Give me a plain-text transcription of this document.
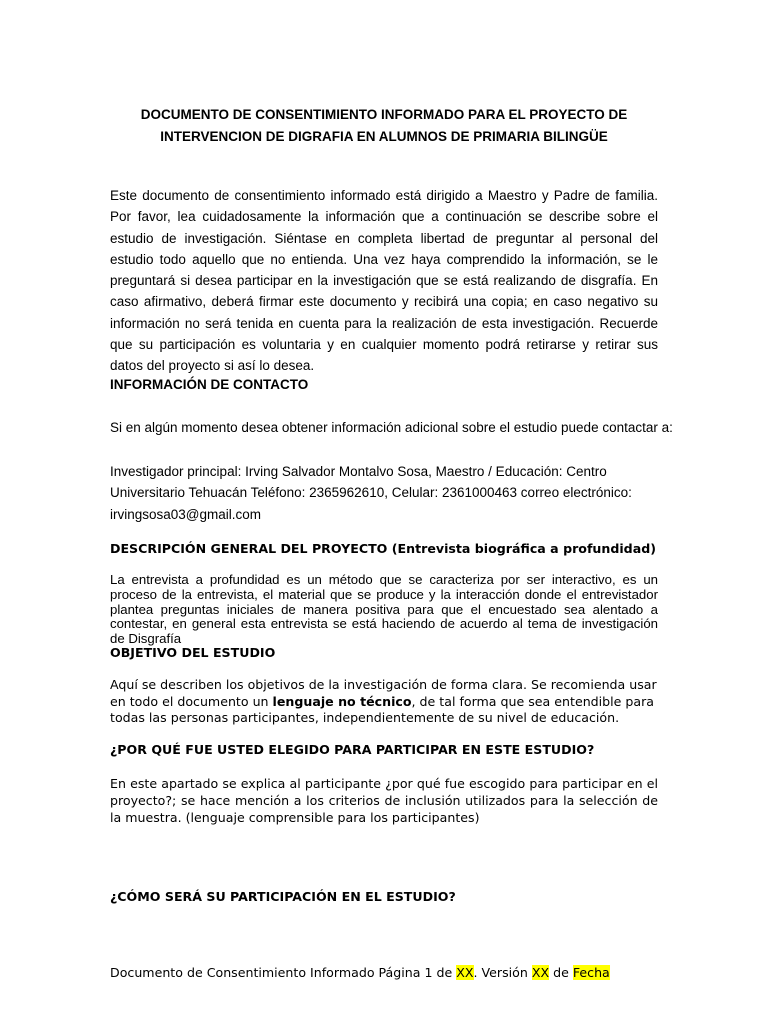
DOCUMENTO DE CONSENTIMIENTO INFORMADO PARA EL PROYECTO DE
INTERVENCION DE DIGRAFIA EN ALUMNOS DE PRIMARIA BILINGÜE
Este documento de consentimiento informado está dirigido a Maestro y Padre de familia. Por favor, lea cuidadosamente la información que a continuación se describe sobre el estudio de investigación. Siéntase en completa libertad de preguntar al personal del estudio todo aquello que no entienda. Una vez haya comprendido la información, se le preguntará si desea participar en la investigación que se está realizando de disgrafía. En caso afirmativo, deberá firmar este documento y recibirá una copia; en caso negativo su información no será tenida en cuenta para la realización de esta investigación. Recuerde que su participación es voluntaria y en cualquier momento podrá retirarse y retirar sus datos del proyecto si así lo desea.
INFORMACIÓN DE CONTACTO
Si en algún momento desea obtener información adicional sobre el estudio puede contactar a:
Investigador principal: Irving Salvador Montalvo Sosa, Maestro / Educación: Centro
Universitario Tehuacán Teléfono: 2365962610, Celular: 2361000463 correo electrónico:
irvingsosa03@gmail.com
DESCRIPCIÓN GENERAL DEL PROYECTO (Entrevista biográfica a profundidad)
La entrevista a profundidad es un método que se caracteriza por ser interactivo, es un proceso de la entrevista, el material que se produce y la interacción donde el entrevistador plantea preguntas iniciales de manera positiva para que el encuestado sea alentado a contestar, en general esta entrevista se está haciendo de acuerdo al tema de investigación de Disgrafía
OBJETIVO DEL ESTUDIO
Aquí se describen los objetivos de la investigación de forma clara. Se recomienda usar en todo el documento un lenguaje no técnico, de tal forma que sea entendible para todas las personas participantes, independientemente de su nivel de educación.
¿POR QUÉ FUE USTED ELEGIDO PARA PARTICIPAR EN ESTE ESTUDIO?
En este apartado se explica al participante ¿por qué fue escogido para participar en el proyecto?; se hace mención a los criterios de inclusión utilizados para la selección de la muestra. (lenguaje comprensible para los participantes)
¿CÓMO SERÁ SU PARTICIPACIÓN EN EL ESTUDIO?
Documento de Consentimiento Informado Página 1 de XX. Versión XX de Fecha
